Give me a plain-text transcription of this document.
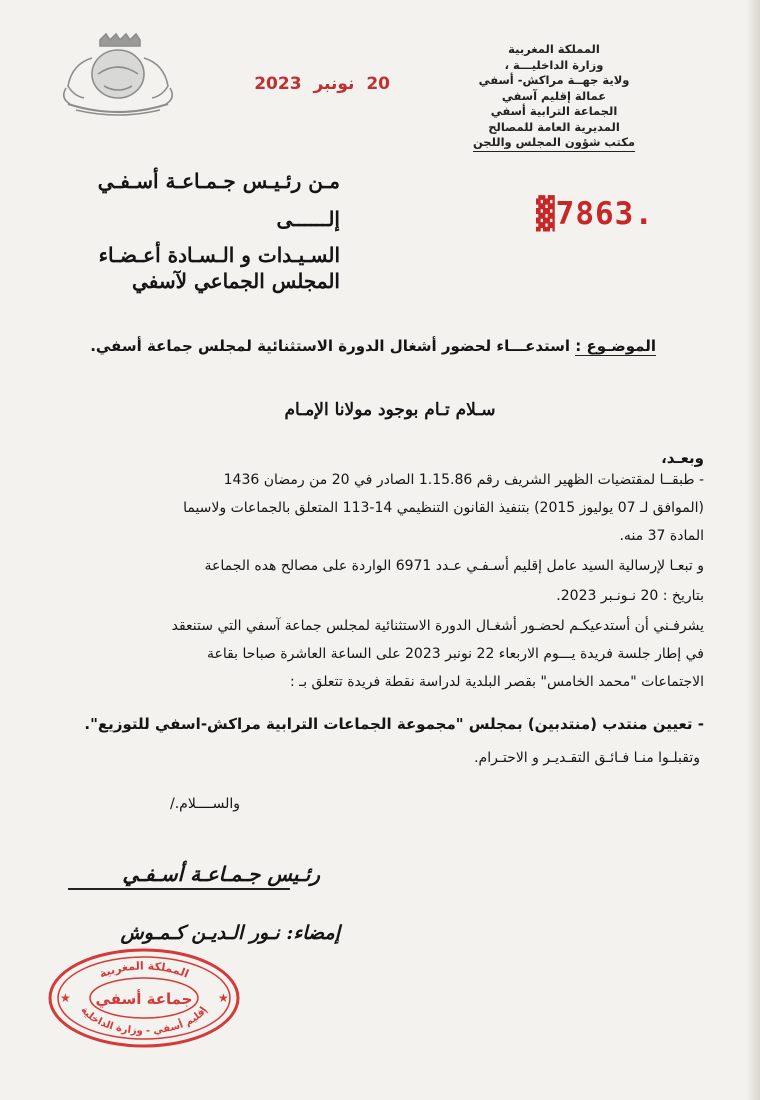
20 نونبر 2023
المملكة المغربية
وزارة الداخليـــة ،
ولاية جهــة مراكش- أسفي
عمالة إقليم آسفي
الجماعة الترابية أسفي
المديرية العامة للمصالح
مكتب شؤون المجلس واللجن
▓7863.
مـن رئـيـس جـمـاعـة أسـفـي
إلــــــى
السـيـدات و الـسـادة أعـضـاء
المجلس الجماعي لآسفي
الموضـوع : استدعـــاء لحضور أشغال الدورة الاستثنائية لمجلس جماعة أسفي.
سـلام تـام بوجود مولانا الإمـام
وبعـد،
- طبقــا لمقتضيات الظهير الشريف رقم 1.15.86 الصادر في 20 من رمضان 1436
(الموافق لـ 07 يوليوز 2015) بتنفيذ القانون التنظيمي 14-113 المتعلق بالجماعات ولاسيما
المادة 37 منه.
و تبعـا لإرسالية السيد عامل إقليم أسـفـي عـدد 6971 الواردة على مصالح هده الجماعة
بتاريخ : 20 نـونـبر 2023.
يشرفـني أن أستدعيكـم لحضـور أشغـال الدورة الاستثنائية لمجلس جماعة آسفي التي ستنعقد
في إطار جلسة فريدة يـــوم الاربعاء 22 نونبر 2023 على الساعة العاشرة صباحا بقاعة
الاجتماعات "محمد الخامس" بقصر البلدية لدراسة نقطة فريدة تتعلق بـ :
- تعيين منتدب (منتدبين) بمجلس "مجموعة الجماعات الترابية مراكش-اسفي للتوزيع".
وتقبلـوا منـا فـائـق التقـديـر و الاحتـرام.
والســــلام./
رئـيس جـمـاعـة أسـفـي
إمضاء: نـور الـديـن كـمـوش
★	★
المملكة المغربية
جماعة أسفي
إقليم أسفي - وزارة الداخلية
